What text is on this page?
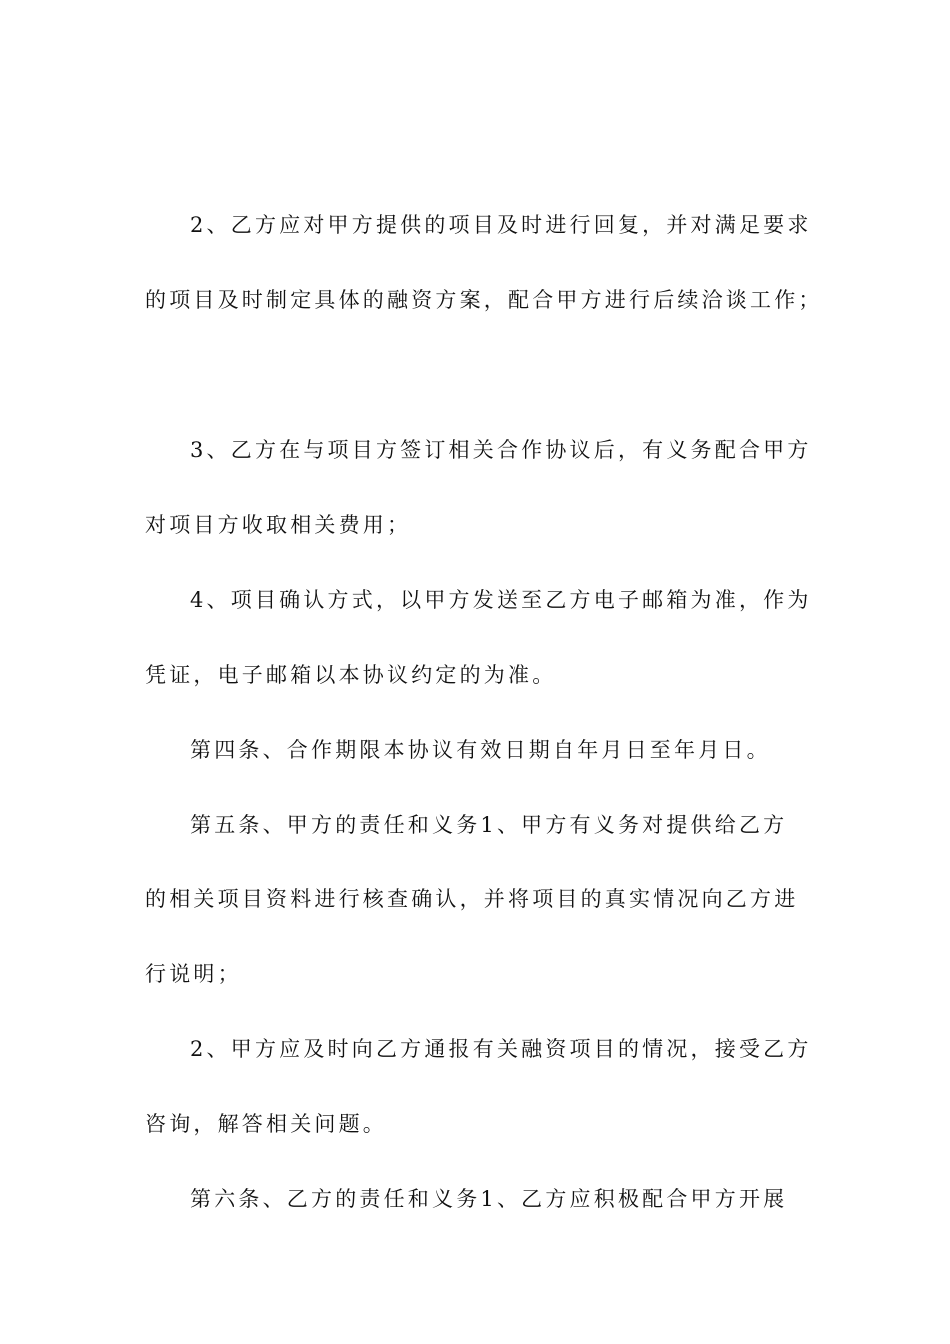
2、乙方应对甲方提供的项目及时进行回复，并对满足要求
的项目及时制定具体的融资方案，配合甲方进行后续洽谈工作；
3、乙方在与项目方签订相关合作协议后，有义务配合甲方
对项目方收取相关费用；
4、项目确认方式，以甲方发送至乙方电子邮箱为准，作为
凭证，电子邮箱以本协议约定的为准。
第四条、合作期限本协议有效日期自年月日至年月日。
第五条、甲方的责任和义务1、甲方有义务对提供给乙方
的相关项目资料进行核查确认，并将项目的真实情况向乙方进
行说明；
2、甲方应及时向乙方通报有关融资项目的情况，接受乙方
咨询，解答相关问题。
第六条、乙方的责任和义务1、乙方应积极配合甲方开展
